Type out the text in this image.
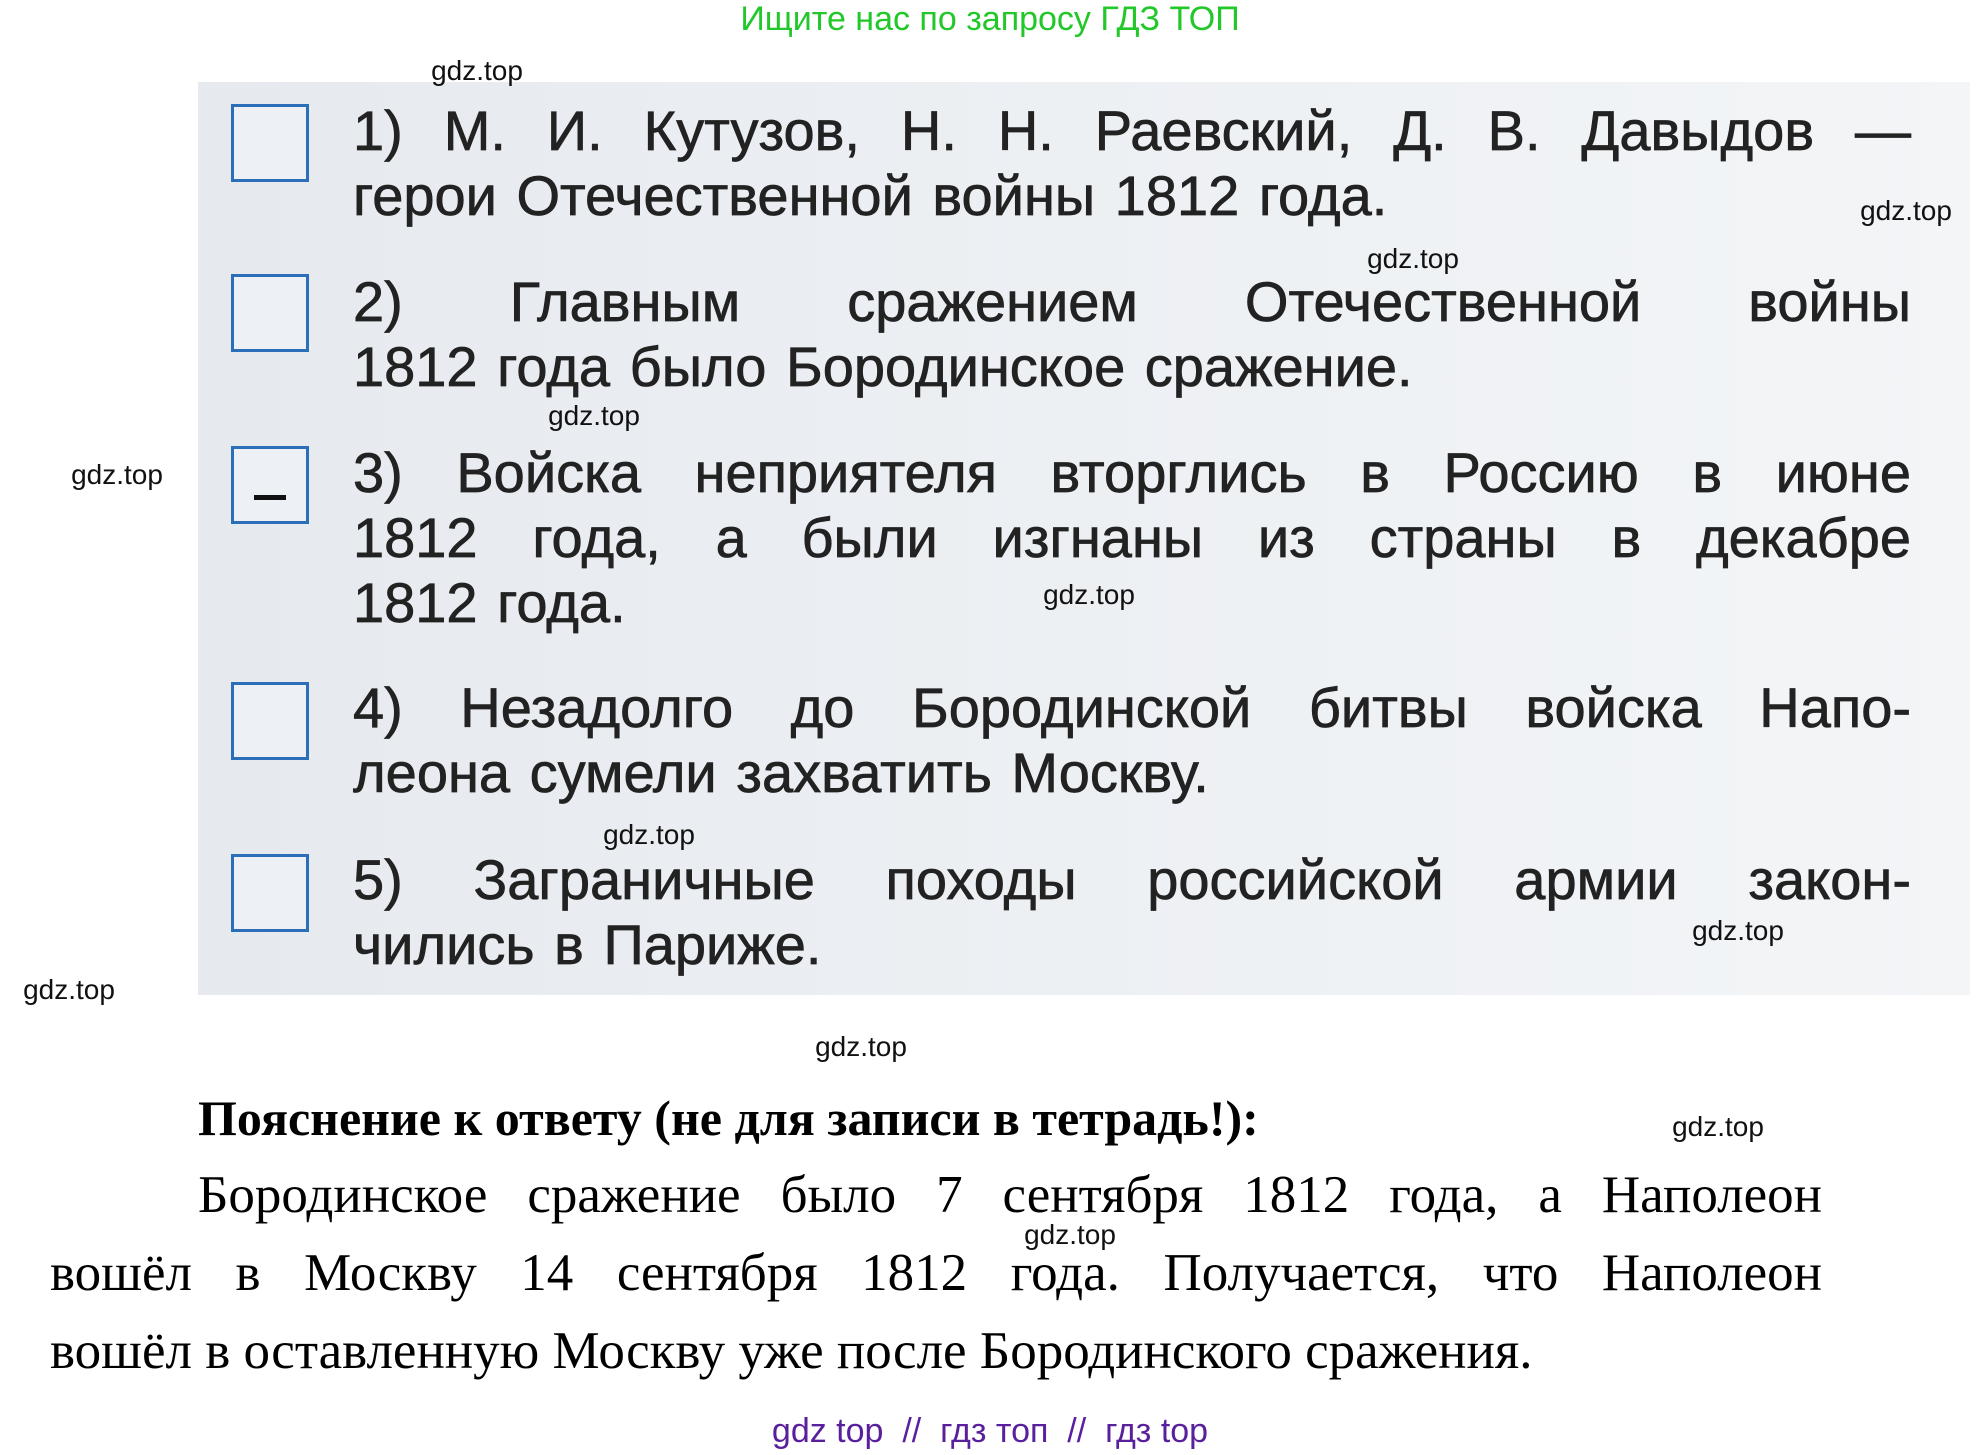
Ищите нас по запросу ГДЗ ТОП
1) М. И. Кутузов, Н. Н. Раевский, Д. В. Давыдов —
герои Отечественной войны 1812 года.
2) Главным сражением Отечественной войны
1812 года было Бородинское сражение.
3) Войска неприятеля вторглись в Россию в июне
1812 года, а были изгнаны из страны в декабре
1812 года.
4) Незадолго до Бородинской битвы войска Напо-
леона сумели захватить Москву.
5) Заграничные походы российской армии закон-
чились в Париже.
Пояснение к ответу (не для записи в тетрадь!):
Бородинское сражение было 7 сентября 1812 года, а Наполеон
вошёл в Москву 14 сентября 1812 года. Получается, что Наполеон
вошёл в оставленную Москву уже после Бородинского сражения.
gdz.top
gdz.top
gdz.top
gdz.top
gdz.top
gdz.top
gdz.top
gdz.top
gdz.top
gdz.top
gdz.top
gdz.top
gdz top  //  гдз топ  //  гдз top
